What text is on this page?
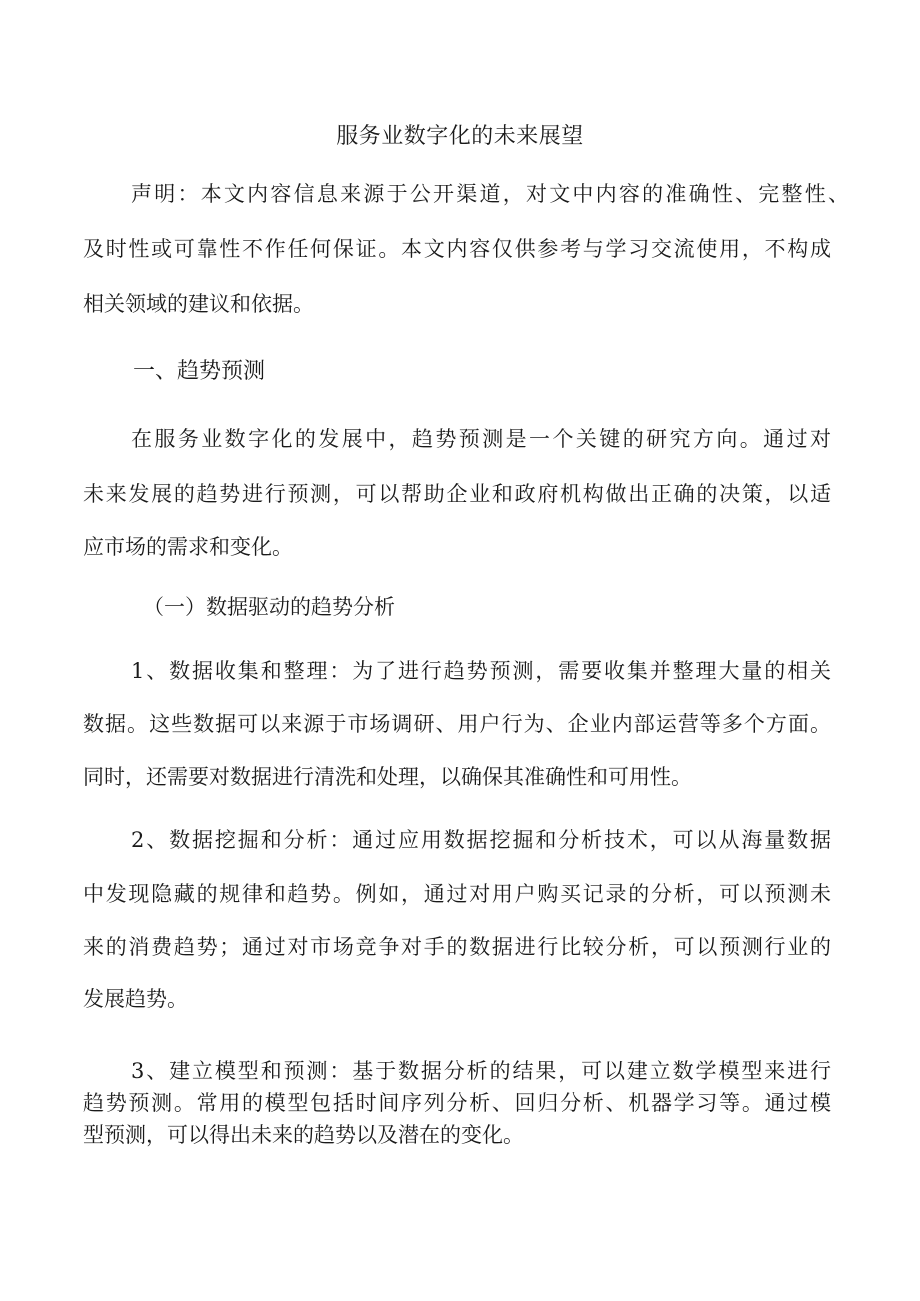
服务业数字化的未来展望
声明：本文内容信息来源于公开渠道，对文中内容的准确性、完整性、
及时性或可靠性不作任何保证。本文内容仅供参考与学习交流使用，不构成
相关领域的建议和依据。
一、趋势预测
在服务业数字化的发展中，趋势预测是一个关键的研究方向。通过对
未来发展的趋势进行预测，可以帮助企业和政府机构做出正确的决策，以适
应市场的需求和变化。
（一）数据驱动的趋势分析
1、数据收集和整理：为了进行趋势预测，需要收集并整理大量的相关
数据。这些数据可以来源于市场调研、用户行为、企业内部运营等多个方面。
同时，还需要对数据进行清洗和处理，以确保其准确性和可用性。
2、数据挖掘和分析：通过应用数据挖掘和分析技术，可以从海量数据
中发现隐藏的规律和趋势。例如，通过对用户购买记录的分析，可以预测未
来的消费趋势；通过对市场竞争对手的数据进行比较分析，可以预测行业的
发展趋势。
3、建立模型和预测：基于数据分析的结果，可以建立数学模型来进行
趋势预测。常用的模型包括时间序列分析、回归分析、机器学习等。通过模
型预测，可以得出未来的趋势以及潜在的变化。
